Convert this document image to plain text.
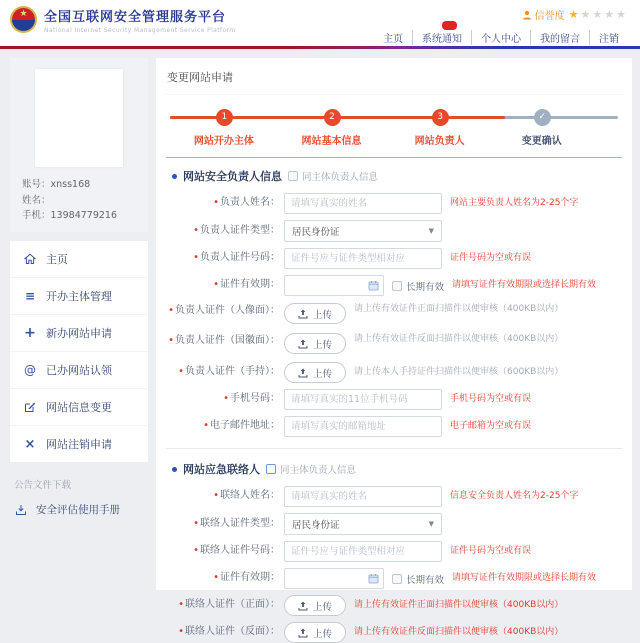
★	全国互联网安全管理服务平台
National Internet Security Management Service Platform
信誉度 ★★★★★
主页	系统通知	个人中心	我的留言	注销
账号：xnss168
姓名：
手机：13984779216
主页
≡ 开办主体管理
+ 新办网站申请
@ 已办网站认领
网站信息变更
× 网站注销申请
公告文件下载
安全评估使用手册
变更网站申请
1	2	3	✓
网站开办主体	网站基本信息	网站负责人	变更确认
网站安全负责人信息 同主体负责人信息
•负责人姓名：
请填写真实的姓名	网站主要负责人姓名为2-25个字
•负责人证件类型： 居民身份证	▼
•负责人证件号码：
证件号应与证件类型相对应	证件号码为空或有误
•证件有效期：	长期有效 请填写证件有效期限或选择长期有效
•负责人证件（人像面）：	上传
请上传有效证件正面扫描件以便审核（400KB以内）
•负责人证件（国徽面）：	上传
请上传有效证件反面扫描件以便审核（400KB以内）
•负责人证件（手持）：	上传 请上传本人手持证件扫描件以便审核（600KB以内）
•手机号码：
请填写真实的11位手机号码	手机号码为空或有误
•电子邮件地址：
请填写真实的邮箱地址	电子邮箱为空或有误
网站应急联络人 同主体负责人信息
•联络人姓名：
请填写真实的姓名	信息安全负责人姓名为2-25个字
•联络人证件类型： 居民身份证	▼
•联络人证件号码：
证件号应与证件类型相对应	证件号码为空或有误
•证件有效期：	长期有效 请填写证件有效期限或选择长期有效
•联络人证件（正面）：	上传 请上传有效证件正面扫描件以便审核（400KB以内）
•联络人证件（反面）：	上传 请上传有效证件反面扫描件以便审核（400KB以内）
